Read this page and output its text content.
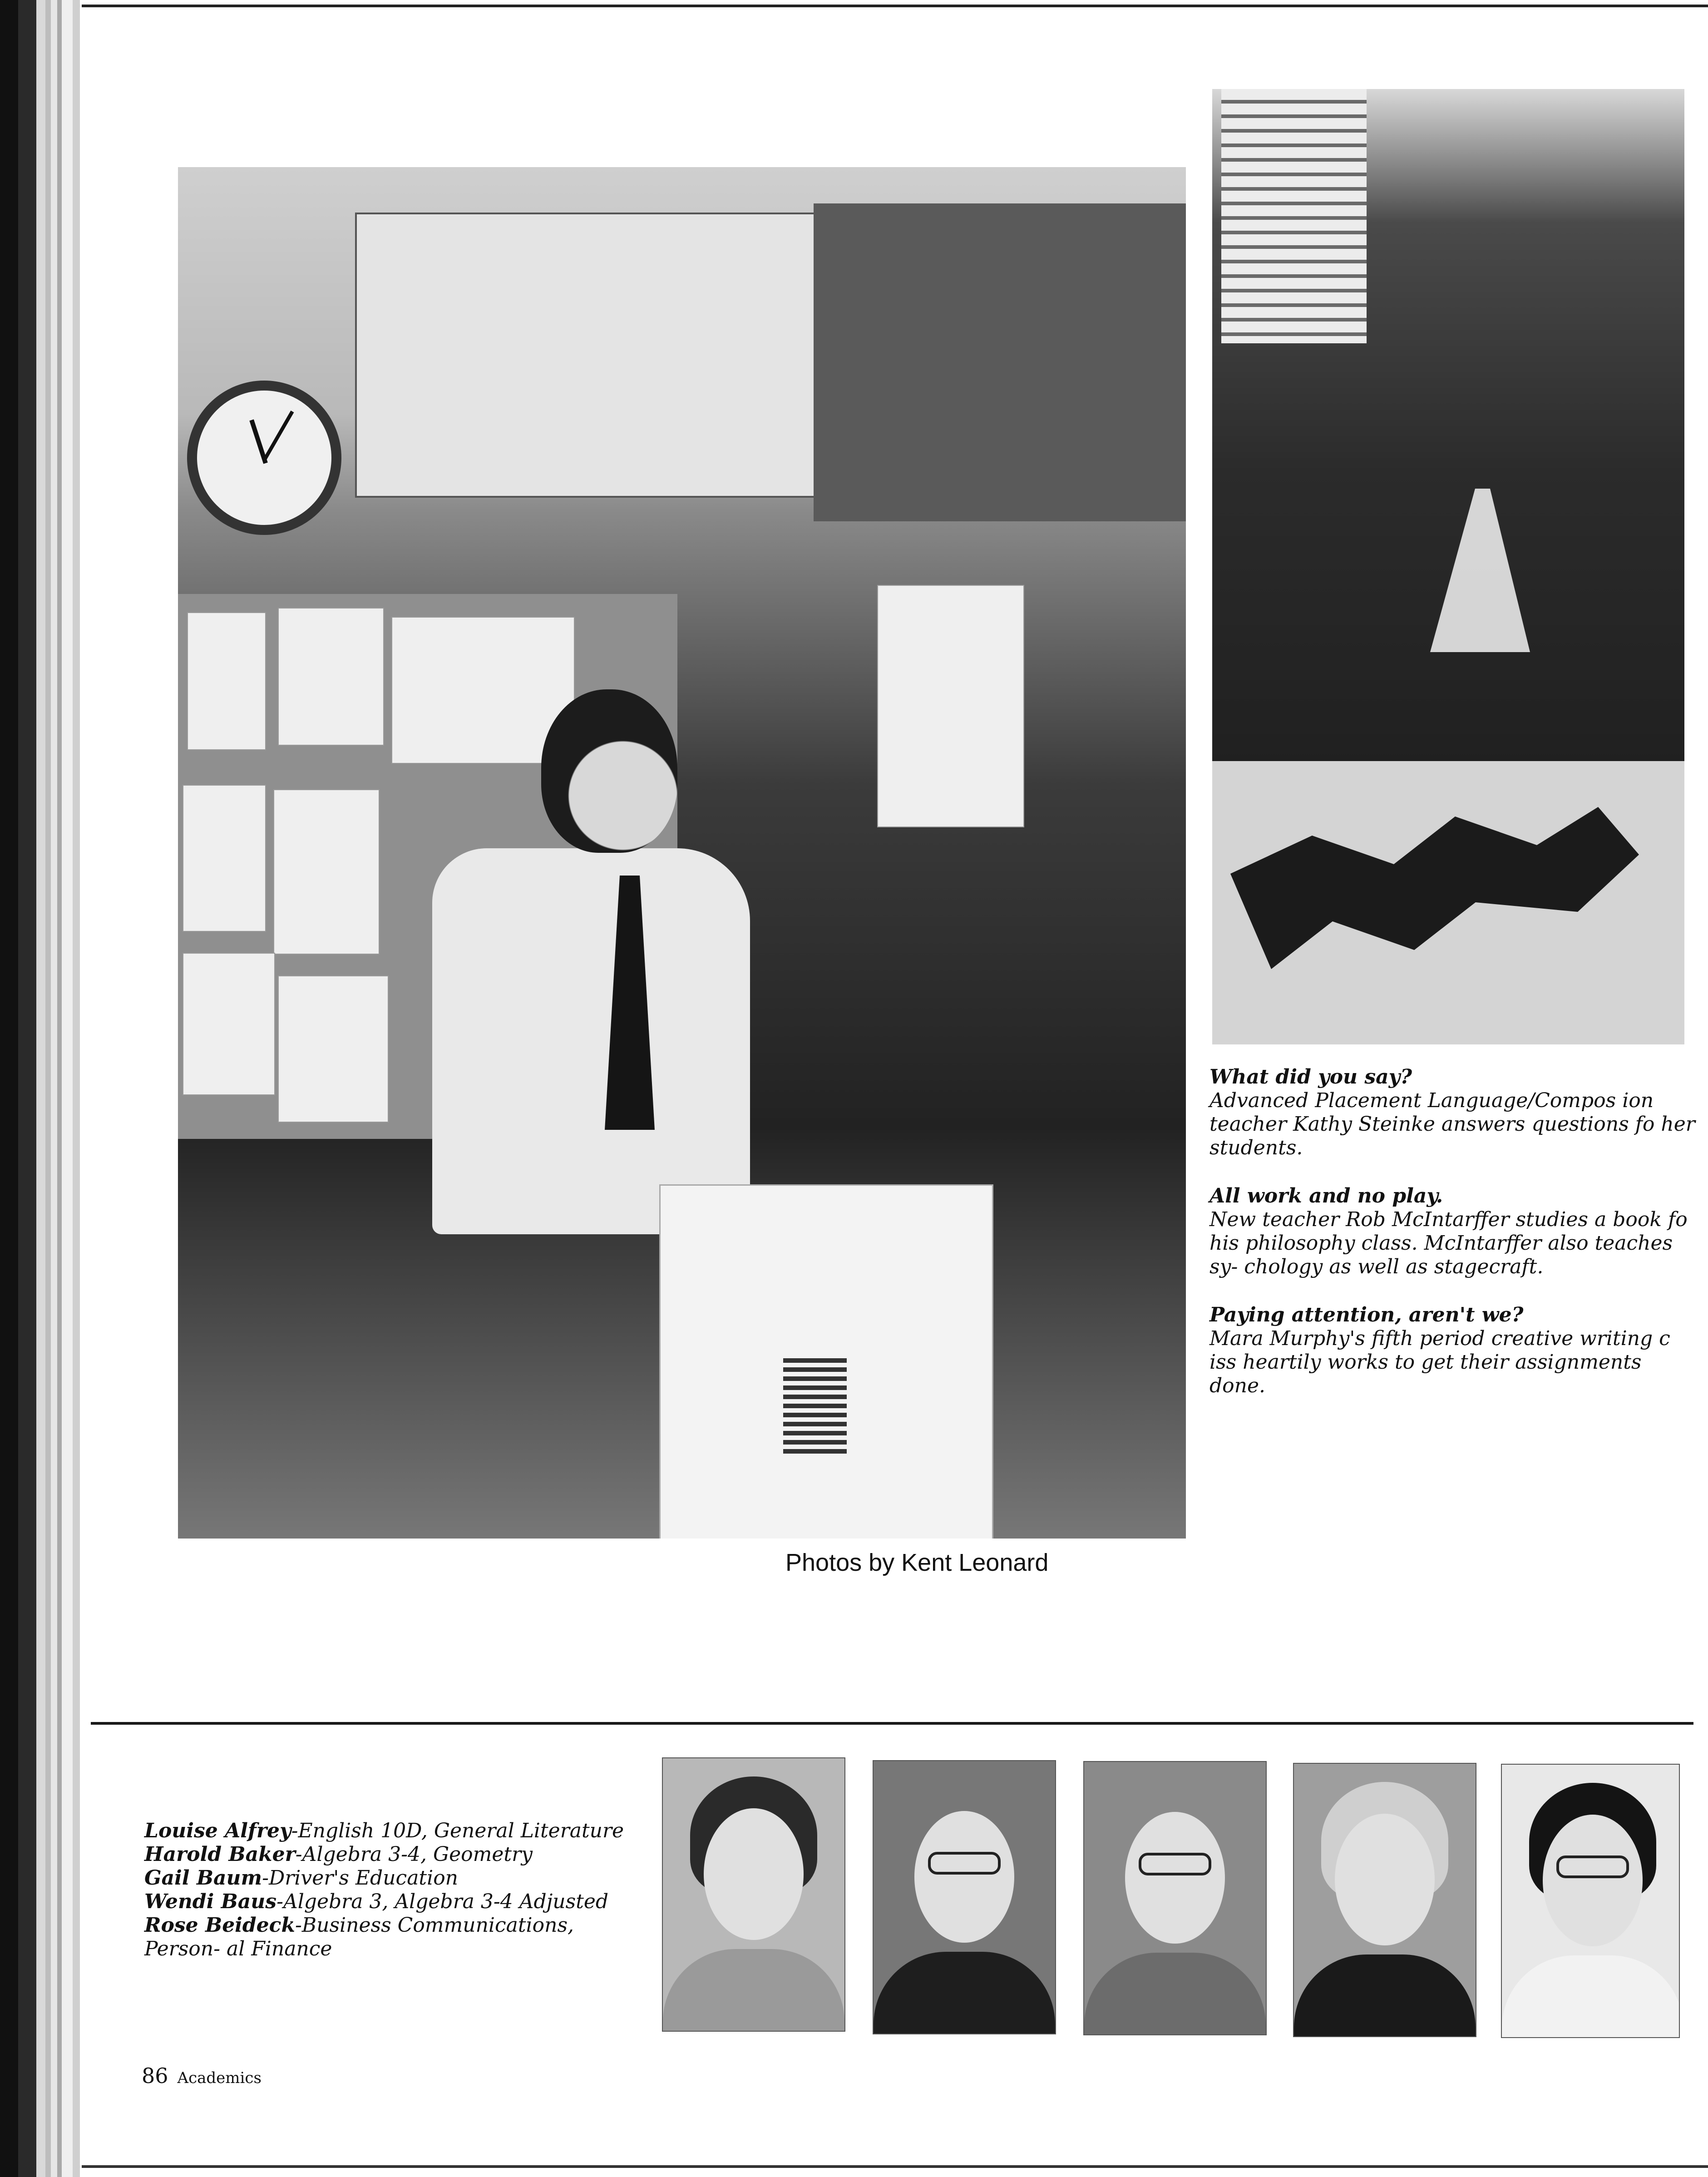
Photos by Kent Leonard
What did you say?
Advanced Placement Language/Compos ion teacher Kathy Steinke answers questions fo her students.
All work and no play.
New teacher Rob McIntarffer studies a book fo his philosophy class. McIntarffer also teaches sy- chology as well as stagecraft.
Paying attention, aren't we?
Mara Murphy's fifth period creative writing c iss heartily works to get their assignments done.
Louise Alfrey-English 10D, General Literature
Harold Baker-Algebra 3-4, Geometry
Gail Baum-Driver's Education
Wendi Baus-Algebra 3, Algebra 3-4 Adjusted
Rose Beideck-Business Communications, Person- al Finance
86 Academics
